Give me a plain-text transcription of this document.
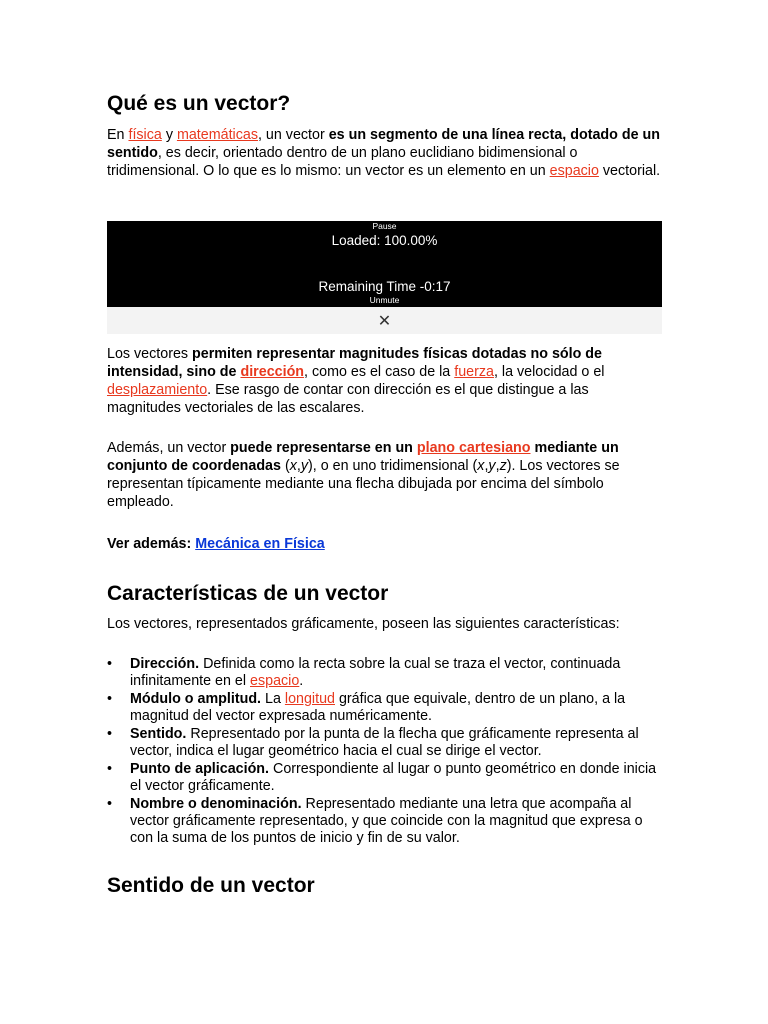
Qué es un vector?

En física y matemáticas, un vector es un segmento de una línea recta, dotado de un sentido, es decir, orientado dentro de un plano euclidiano bidimensional o tridimensional. O lo que es lo mismo: un vector es un elemento en un espacio vectorial.

Pause
Loaded: 100.00%
Remaining Time -0:17
Unmute
✕

Los vectores permiten representar magnitudes físicas dotadas no sólo de intensidad, sino de dirección, como es el caso de la fuerza, la velocidad o el desplazamiento. Ese rasgo de contar con dirección es el que distingue a las magnitudes vectoriales de las escalares.

Además, un vector puede representarse en un plano cartesiano mediante un conjunto de coordenadas (x,y), o en uno tridimensional (x,y,z). Los vectores se representan típicamente mediante una flecha dibujada por encima del símbolo empleado.

Ver además: Mecánica en Física

Características de un vector

Los vectores, representados gráficamente, poseen las siguientes características:

• Dirección. Definida como la recta sobre la cual se traza el vector, continuada infinitamente en el espacio.
• Módulo o amplitud. La longitud gráfica que equivale, dentro de un plano, a la magnitud del vector expresada numéricamente.
• Sentido. Representado por la punta de la flecha que gráficamente representa al vector, indica el lugar geométrico hacia el cual se dirige el vector.
• Punto de aplicación. Correspondiente al lugar o punto geométrico en donde inicia el vector gráficamente.
• Nombre o denominación. Representado mediante una letra que acompaña al vector gráficamente representado, y que coincide con la magnitud que expresa o con la suma de los puntos de inicio y fin de su valor.
Sentido de un vector
